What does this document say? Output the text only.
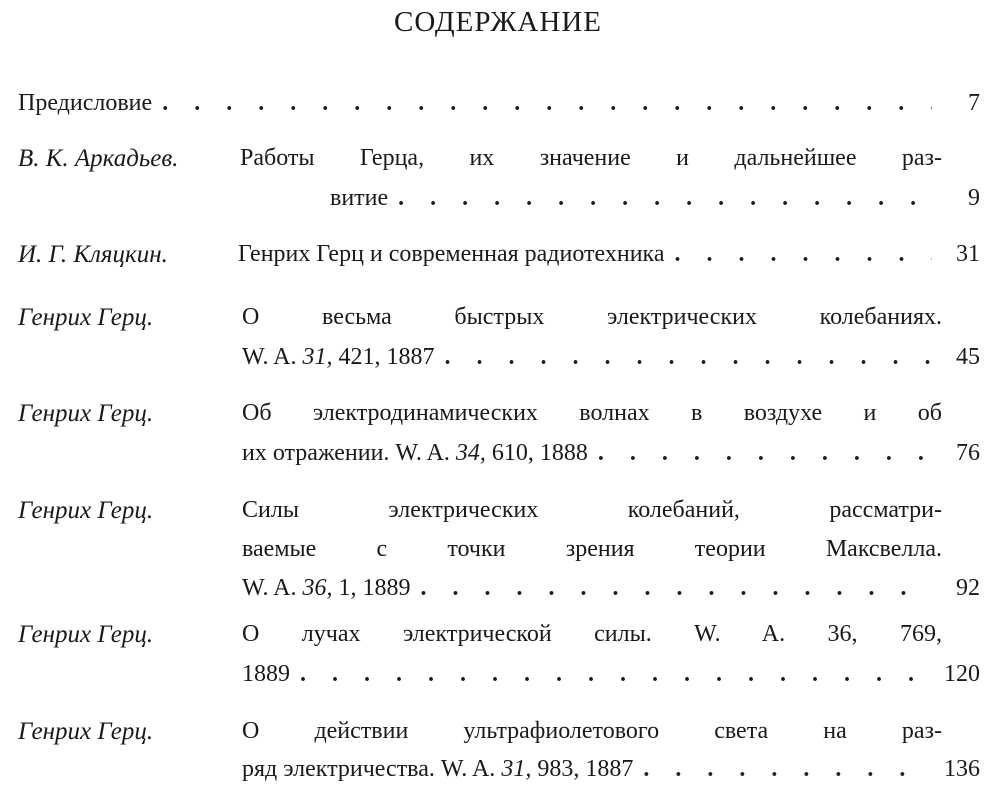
СОДЕРЖАНИЕ
Предисловие . . .	7
В. К. Аркадьев.	Работы Герца, их значение и дальнейшее раз-
витие . . .	9
И. Г. Кляцкин.	Генрих Герц и современная радиотехника . . .	31
Генрих Герц.	О весьма быстрых электрических колебаниях.
W. A. 31, 421, 1887 . . .	45
Генрих Герц.	Об электродинамических волнах в воздухе и об
их отражении. W. A. 34, 610, 1888 . . .	76
Генрих Герц.	Силы электрических колебаний, рассматри-
ваемые с точки зрения теории Максвелла.
W. A. 36, 1, 1889 . . .	92
Генрих Герц.	О лучах электрической силы. W. A. 36, 769,
1889 . . .	120
Генрих Герц.	О действии ультрафиолетового света на раз-
ряд электричества. W. A. 31, 983, 1887 . . .	136
